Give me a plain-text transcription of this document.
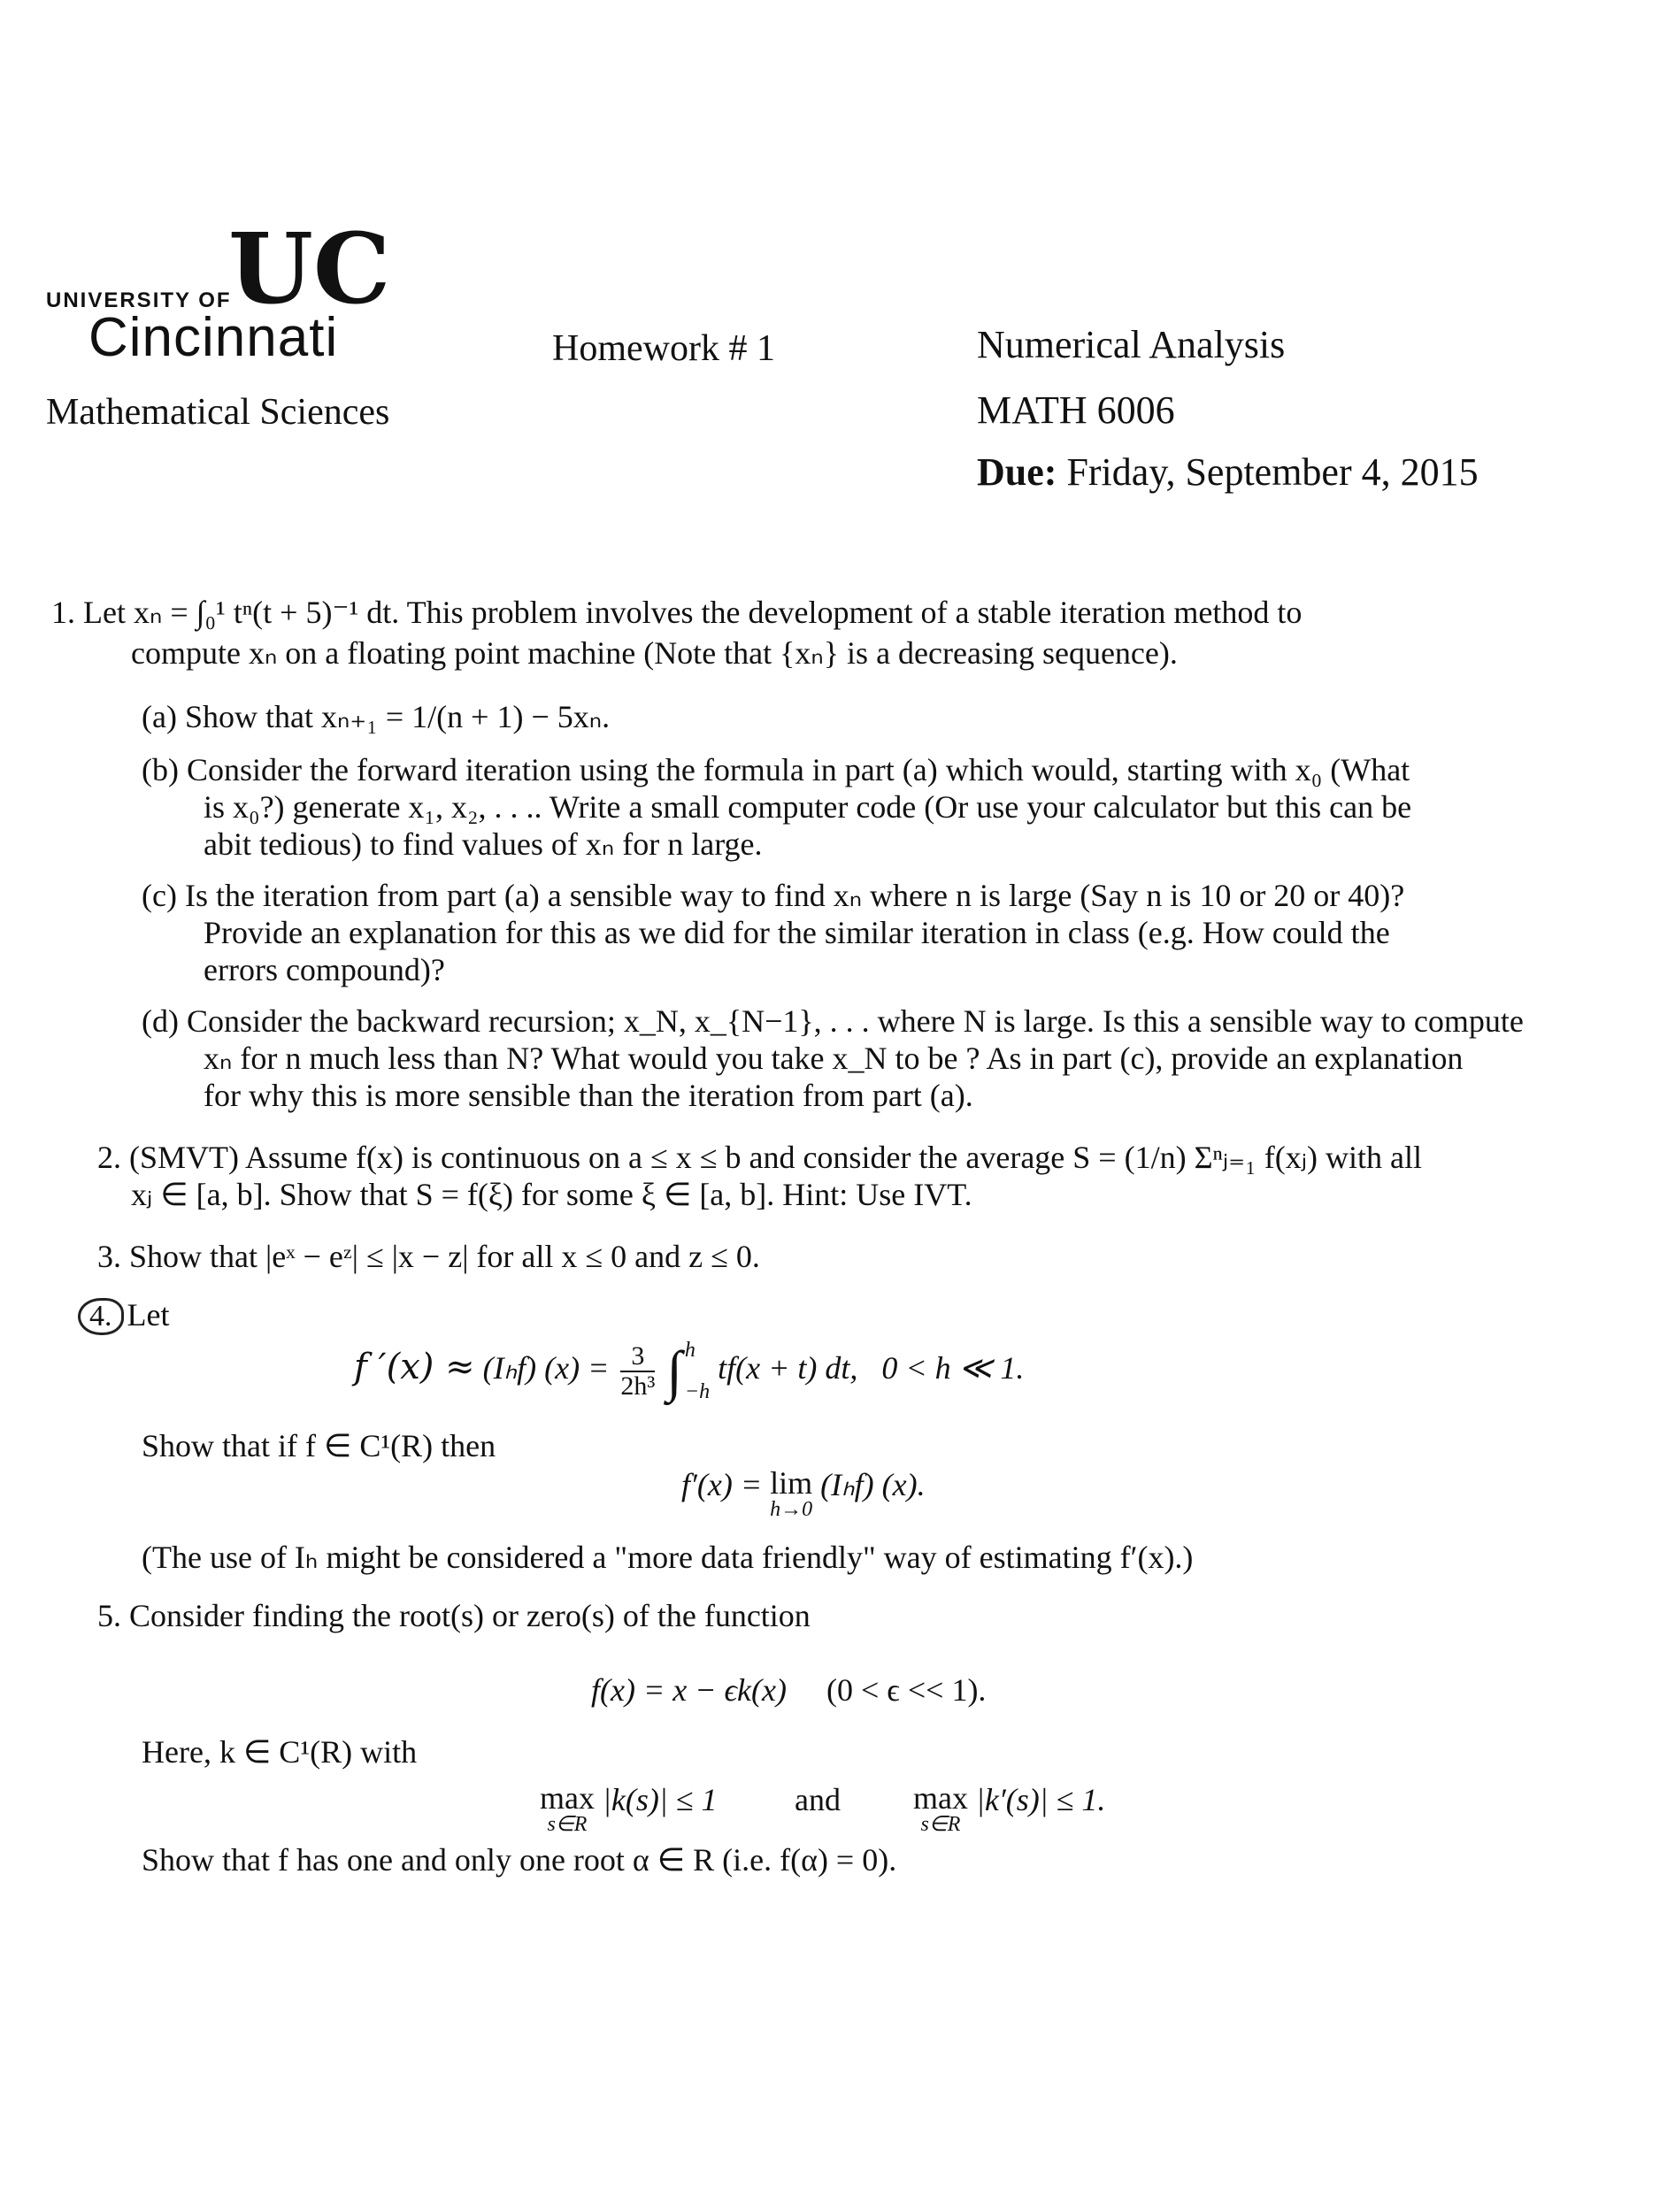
UC
UNIVERSITY OF
Cincinnati
Mathematical Sciences
Homework # 1	Numerical Analysis
MATH 6006
Due: Friday, September 4, 2015
1. Let xₙ = ∫₀¹ tⁿ(t + 5)⁻¹ dt. This problem involves the development of a stable iteration method to
compute xₙ on a floating point machine (Note that {xₙ} is a decreasing sequence).
(a) Show that xₙ₊₁ = 1/(n + 1) − 5xₙ.
(b) Consider the forward iteration using the formula in part (a) which would, starting with x₀ (What
is x₀?) generate x₁, x₂, . . .. Write a small computer code (Or use your calculator but this can be
abit tedious) to find values of xₙ for n large.
(c) Is the iteration from part (a) a sensible way to find xₙ where n is large (Say n is 10 or 20 or 40)?
Provide an explanation for this as we did for the similar iteration in class (e.g. How could the
errors compound)?
(d) Consider the backward recursion; x_N, x_{N−1}, . . . where N is large. Is this a sensible way to compute
xₙ for n much less than N? What would you take x_N to be ? As in part (c), provide an explanation
for why this is more sensible than the iteration from part (a).
2. (SMVT) Assume f(x) is continuous on a ≤ x ≤ b and consider the average S = (1/n) Σⁿⱼ₌₁ f(xⱼ) with all
xⱼ ∈ [a, b]. Show that S = f(ξ) for some ξ ∈ [a, b]. Hint: Use IVT.
3. Show that |eˣ − eᶻ| ≤ |x − z| for all x ≤ 0 and z ≤ 0.
4. Let
f ′(x) ≈ (Iₕf) $(x) = \frac{3}{\text{2h³}}$ ∫ h
−h
tf(x + t) dt, 0 < h ≪ 1.
Show that if f ∈ C¹(R) then
f′(x) = lim
h→0
(Iₕf) (x).
(The use of Iₕ might be considered a "more data friendly" way of estimating f′(x).)
5. Consider finding the root(s) or zero(s) of the function
f(x) = x − ϵk(x) (0 < ϵ << 1).
Here, k ∈ C¹(R) with
max
s∈R
|k(s)| ≤ 1 and max
s∈R
|k′(s)| ≤ 1.
Show that f has one and only one root α ∈ R (i.e. f(α) = 0).
